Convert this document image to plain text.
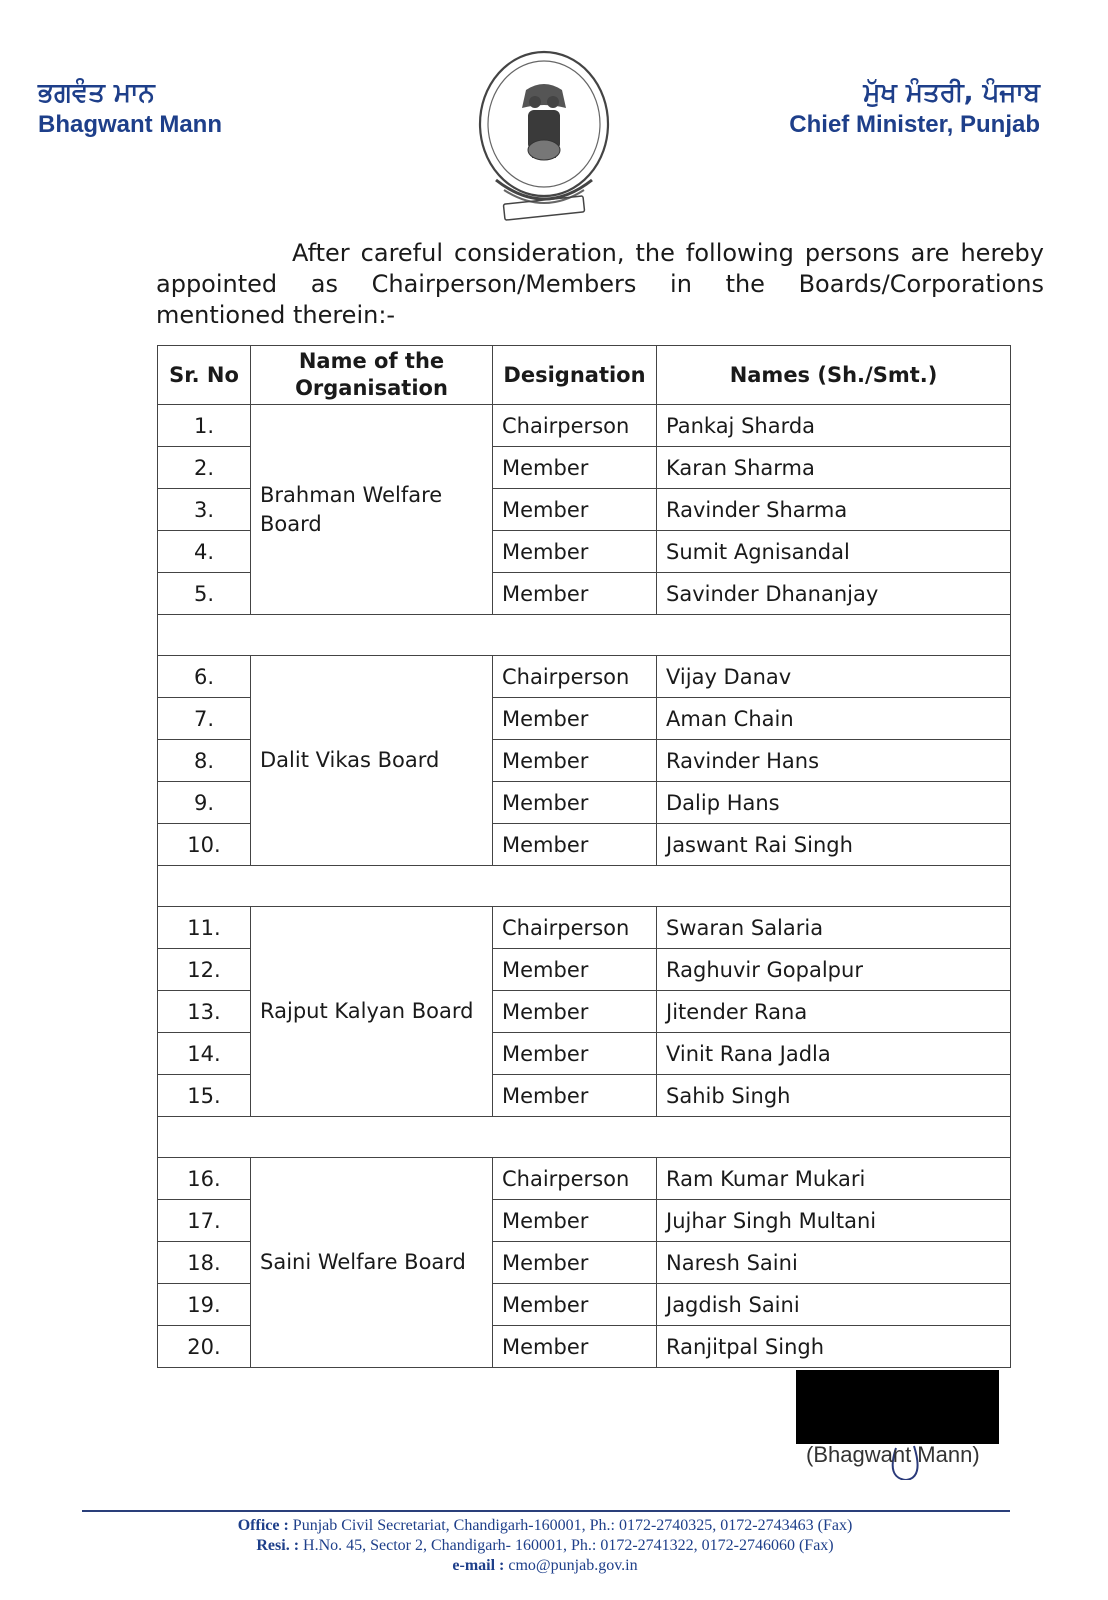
ਭਗਵੰਤ ਮਾਨ
Bhagwant Mann
ਮੁੱਖ ਮੰਤਰੀ, ਪੰਜਾਬ
Chief Minister, Punjab
After careful consideration, the following persons are hereby appointed as Chairperson/Members in the Boards/Corporations mentioned therein:-
Sr. No	Name of the Organisation	Designation	Names (Sh./Smt.)
1.	Brahman Welfare Board	Chairperson	Pankaj Sharda
2.		Member	Karan Sharma
3.		Member	Ravinder Sharma
4.		Member	Sumit Agnisandal
5.		Member	Savinder Dhananjay

6.	Dalit Vikas Board	Chairperson	Vijay Danav
7.		Member	Aman Chain
8.		Member	Ravinder Hans
9.		Member	Dalip Hans
10.		Member	Jaswant Rai Singh

11.	Rajput Kalyan Board	Chairperson	Swaran Salaria
12.		Member	Raghuvir Gopalpur
13.		Member	Jitender Rana
14.		Member	Vinit Rana Jadla
15.		Member	Sahib Singh

16.	Saini Welfare Board	Chairperson	Ram Kumar Mukari
17.		Member	Jujhar Singh Multani
18.		Member	Naresh Saini
19.		Member	Jagdish Saini
20.		Member	Ranjitpal Singh
(Bhagwant Mann)
Office : Punjab Civil Secretariat, Chandigarh-160001, Ph.: 0172-2740325, 0172-2743463 (Fax)
Resi. : H.No. 45, Sector 2, Chandigarh- 160001, Ph.: 0172-2741322, 0172-2746060 (Fax)
e-mail : cmo@punjab.gov.in
